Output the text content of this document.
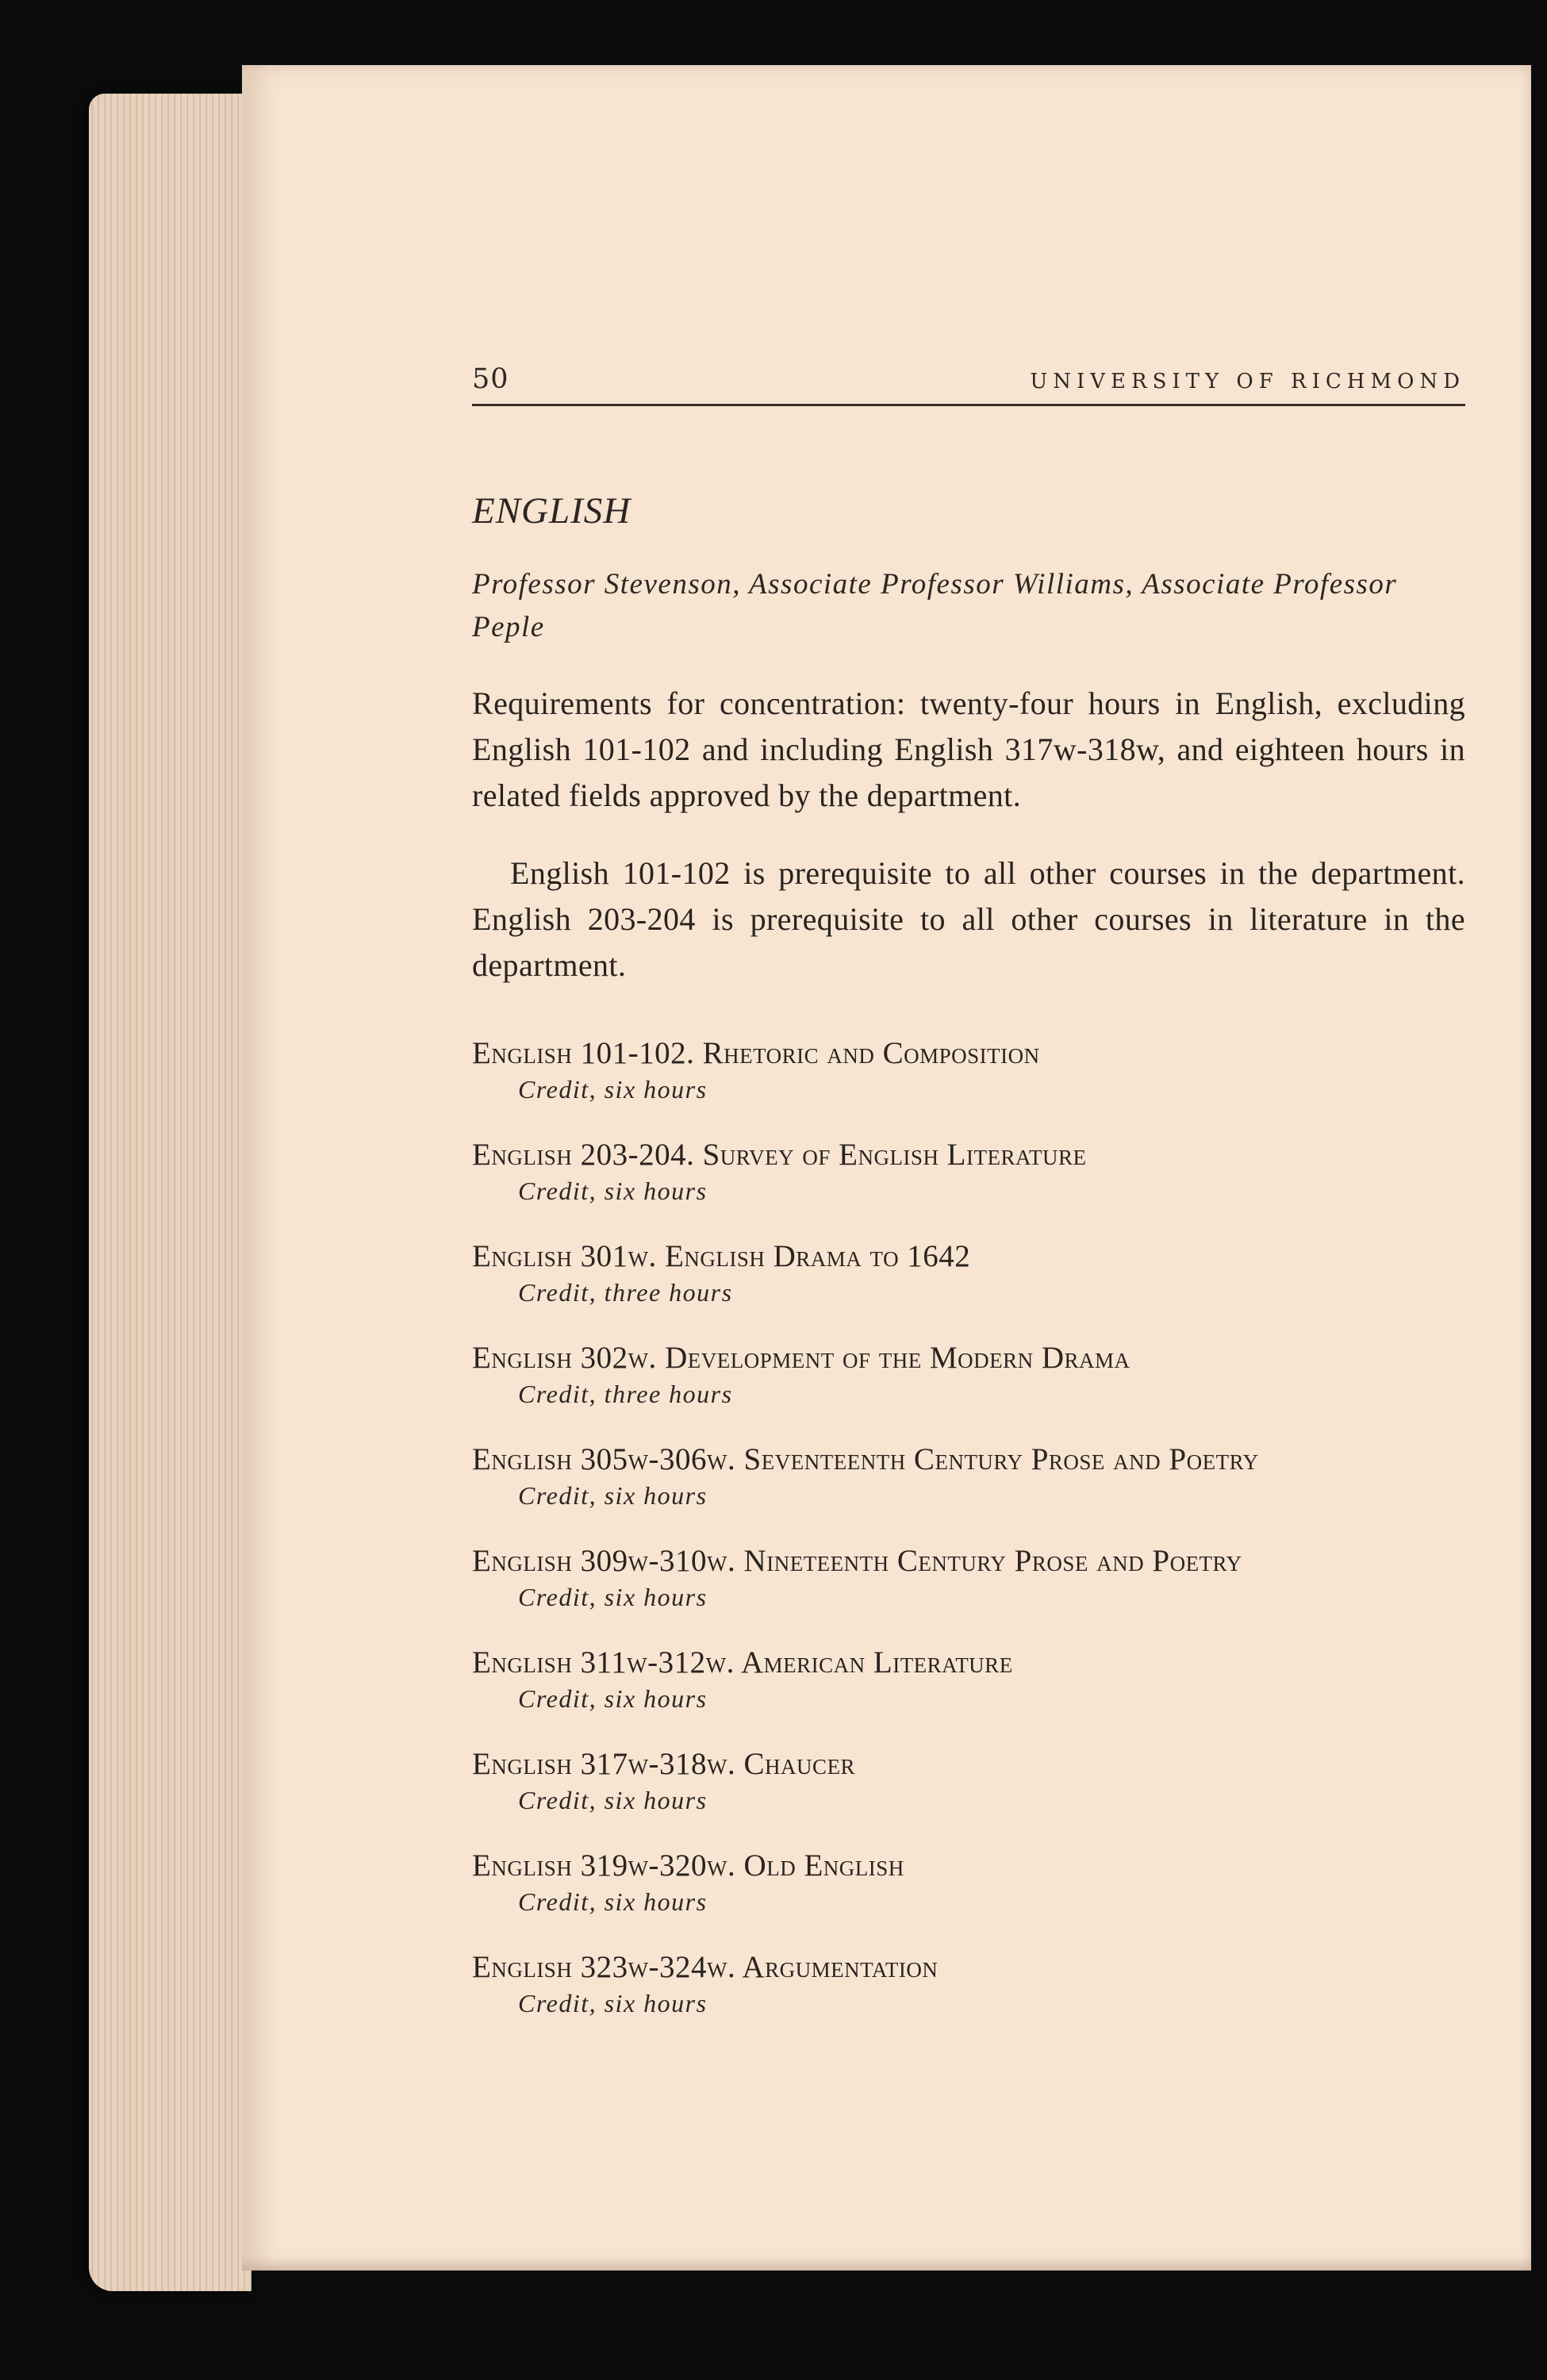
50	UNIVERSITY OF RICHMOND
ENGLISH
Professor Stevenson, Associate Professor Williams, Associate Professor Peple

Requirements for concentration: twenty-four hours in English, excluding English 101-102 and including English 317w-318w, and eighteen hours in related fields approved by the department.

English 101-102 is prerequisite to all other courses in the department. English 203-204 is prerequisite to all other courses in literature in the department.

English 101-102. Rhetoric and Composition
Credit, six hours
English 203-204. Survey of English Literature
Credit, six hours
English 301w. English Drama to 1642
Credit, three hours
English 302w. Development of the Modern Drama
Credit, three hours
English 305w-306w. Seventeenth Century Prose and Poetry
Credit, six hours
English 309w-310w. Nineteenth Century Prose and Poetry
Credit, six hours
English 311w-312w. American Literature
Credit, six hours
English 317w-318w. Chaucer
Credit, six hours
English 319w-320w. Old English
Credit, six hours
English 323w-324w. Argumentation
Credit, six hours
